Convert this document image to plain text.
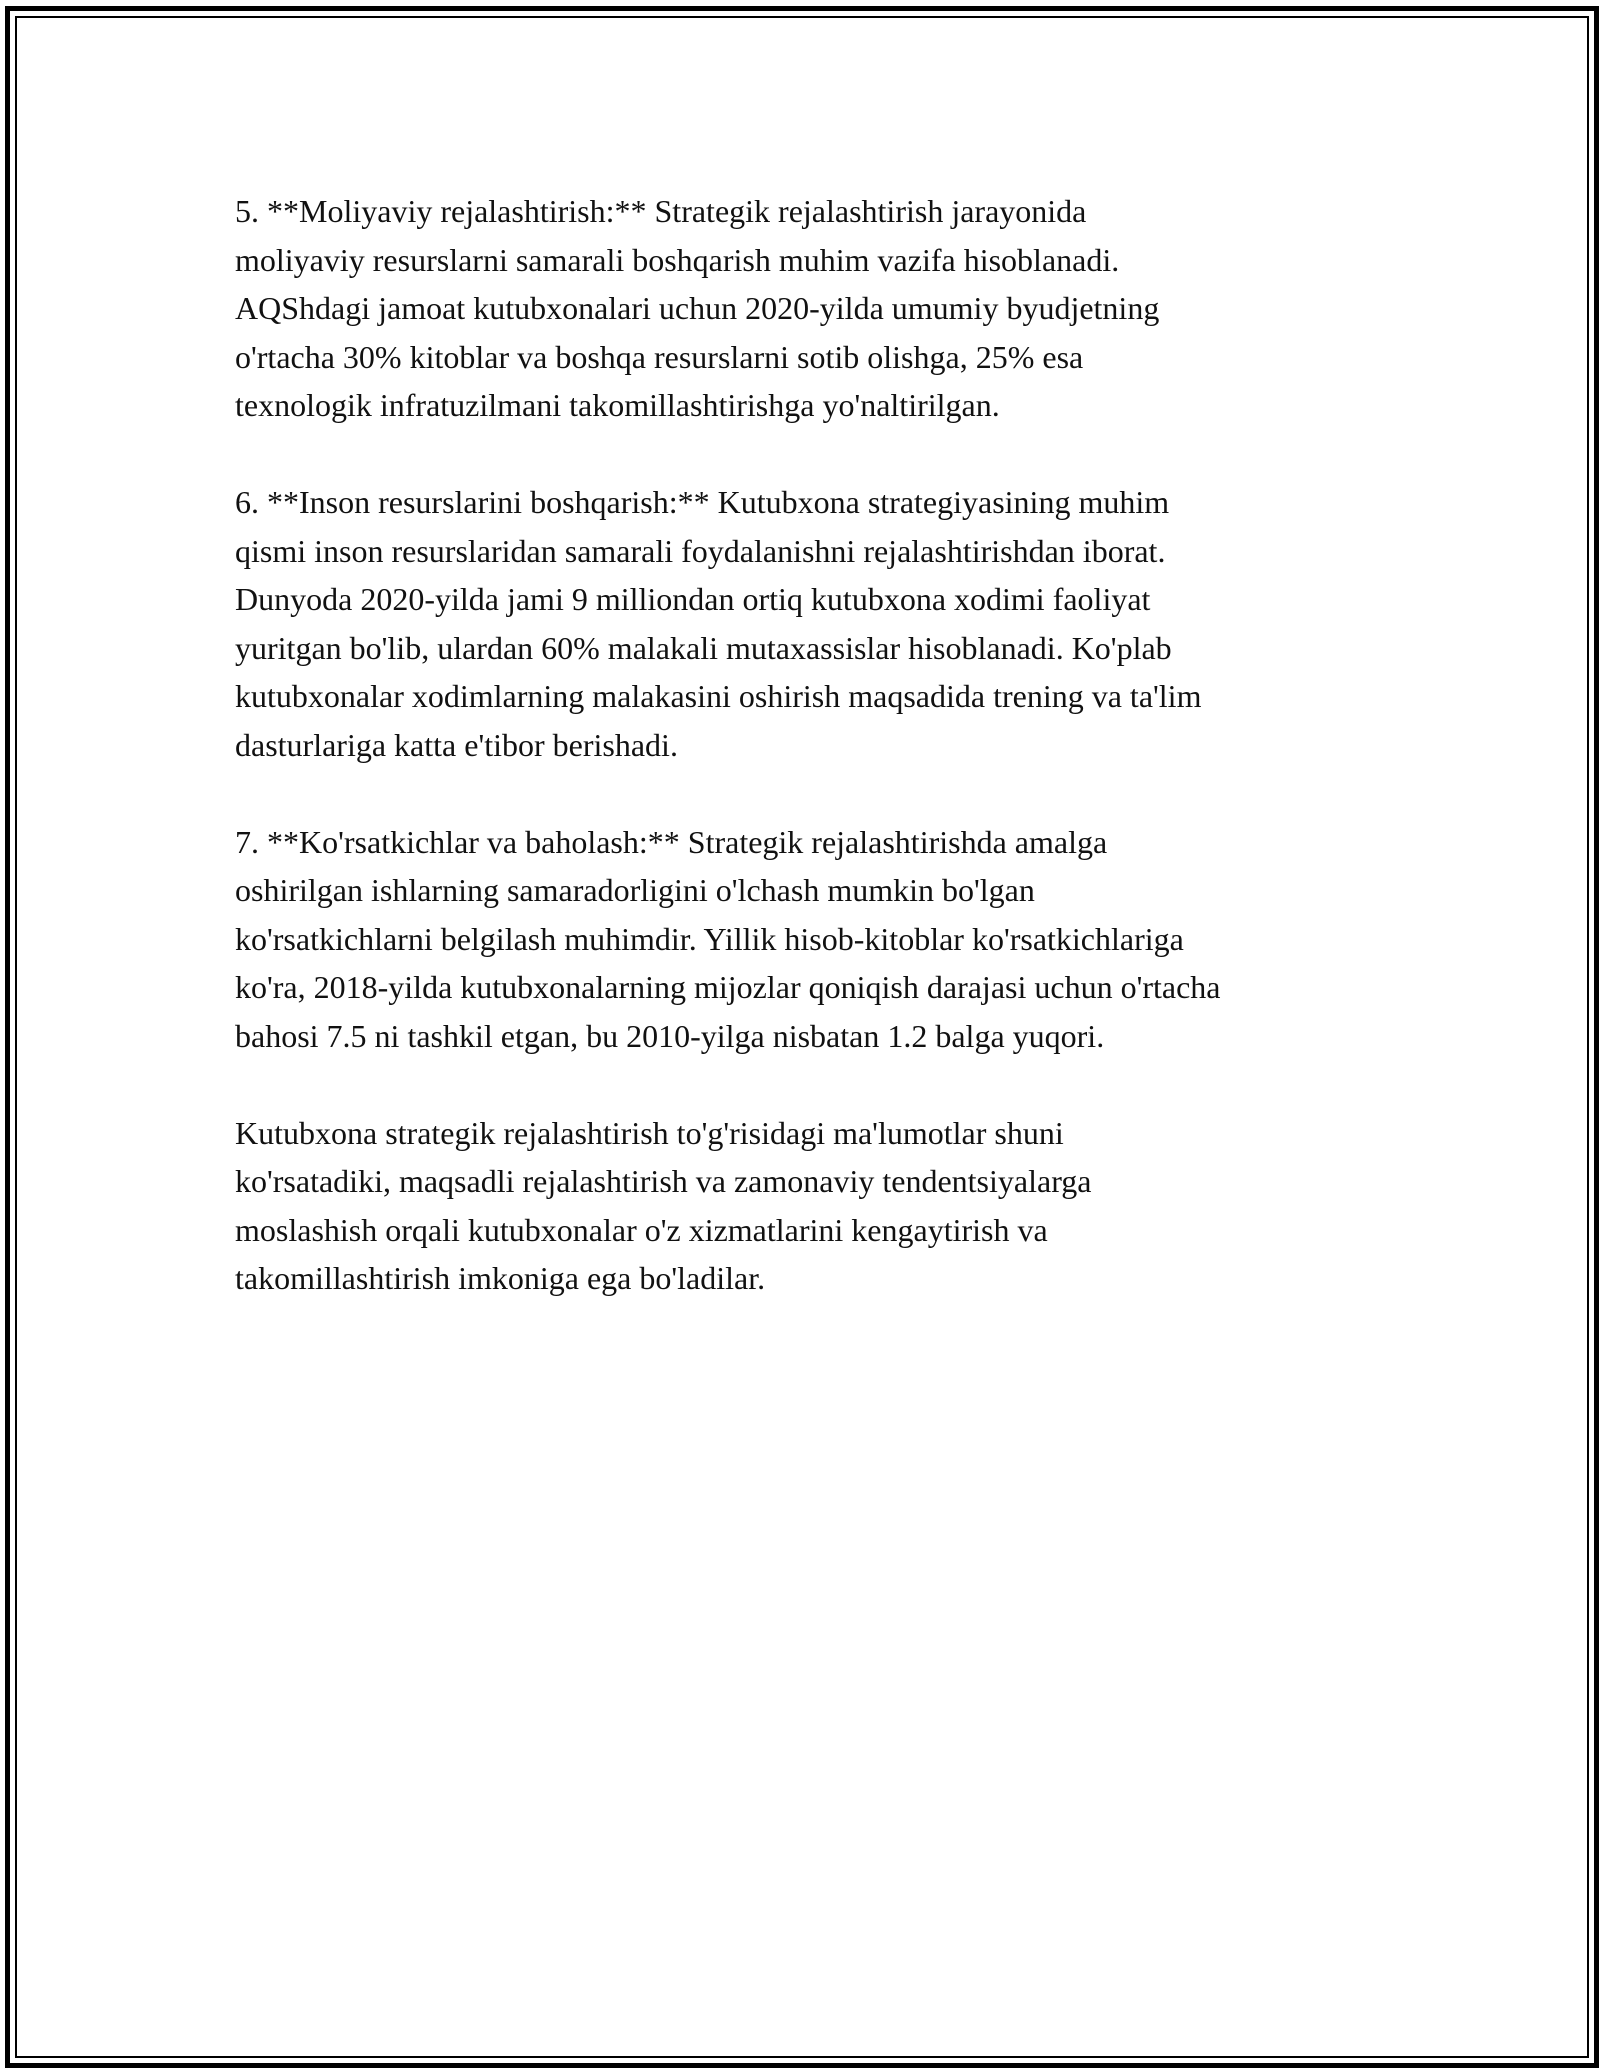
5. **Moliyaviy rejalashtirish:** Strategik rejalashtirish jarayonida
moliyaviy resurslarni samarali boshqarish muhim vazifa hisoblanadi.
AQShdagi jamoat kutubxonalari uchun 2020-yilda umumiy byudjetning
o'rtacha 30% kitoblar va boshqa resurslarni sotib olishga, 25% esa
texnologik infratuzilmani takomillashtirishga yo'naltirilgan.

6. **Inson resurslarini boshqarish:** Kutubxona strategiyasining muhim
qismi inson resurslaridan samarali foydalanishni rejalashtirishdan iborat.
Dunyoda 2020-yilda jami 9 milliondan ortiq kutubxona xodimi faoliyat
yuritgan bo'lib, ulardan 60% malakali mutaxassislar hisoblanadi. Ko'plab
kutubxonalar xodimlarning malakasini oshirish maqsadida trening va ta'lim
dasturlariga katta e'tibor berishadi.

7. **Ko'rsatkichlar va baholash:** Strategik rejalashtirishda amalga
oshirilgan ishlarning samaradorligini o'lchash mumkin bo'lgan
ko'rsatkichlarni belgilash muhimdir. Yillik hisob-kitoblar ko'rsatkichlariga
ko'ra, 2018-yilda kutubxonalarning mijozlar qoniqish darajasi uchun o'rtacha
bahosi 7.5 ni tashkil etgan, bu 2010-yilga nisbatan 1.2 balga yuqori.

Kutubxona strategik rejalashtirish to'g'risidagi ma'lumotlar shuni
ko'rsatadiki, maqsadli rejalashtirish va zamonaviy tendentsiyalarga
moslashish orqali kutubxonalar o'z xizmatlarini kengaytirish va
takomillashtirish imkoniga ega bo'ladilar.
